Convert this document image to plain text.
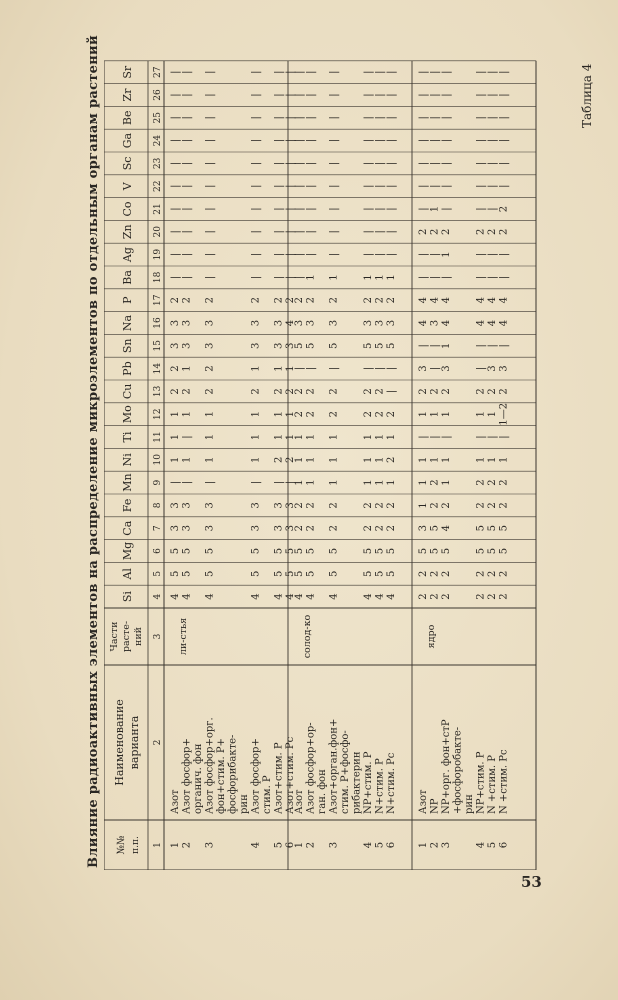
Влияние радиоактивных элементов на распределение микроэлементов по отдельным органам растений	Таблица 4
№№ п.п.
Наименование варианта
Части расте- ний
Si
Al
Mg
Ca
Fe
Mn
Ni
Ti
Mo
Cu
Pb
Sn
Na
P
Ba
Ag
Zn
Co
V
Sc
Ga
Be
Zr
Sr
1
2
3
4
5
6
7
8
9
10
11
12
13
14
15
16
17
18
19
20
21
22
23
24
25
26
27
ли-стья
1
Азот
2
Азот фосфор+ органич. фон
3
Азот фосфор+орг. фон+стим. P+ фосфорибакте- рин
4
Азот фосфор+ стим. P
5
Азот+стим. P
6
Азот+стим. Pc
4
5
5
3
3
|
1
1
1
2
2
3
3
2
|
|
|
|
|
|
|
|
|
|
4
5
5
3
3
|
1
|
1
2
1
3
3
2
|
|
|
|
|
|
|
|
|
|
4
5
5
3
3
|
1
1
1
2
2
3
3
2
|
|
|
|
|
|
|
|
|
|
4
5
5
3
3
|
1
1
1
2
1
3
3
2
|
|
|
|
|
|
|
|
|
|
4
5
5
3
3
|
2
1
1
2
1
3
3
2
|
|
|
|
|
|
|
|
|
|
4
5
5
3
3
|
2
1
1
2
1
3
4
2
|
|
|
|
|
|
|
|
|
|
солод-ко
1
Азот
2
Азот фосфор+ор- ган. фон
3
Азот+орган.фон+ стим. P+фосфо- рибактерин
4
NP+стим. P
5
N+стим. P
6
N+стим. Pc
4
5
5
2
2
1
1
1
2
2
|
5
3
2
|
|
|
|
|
|
|
|
|
|
4
5
5
2
2
1
1
1
2
2
|
5
3
2
1
|
|
|
|
|
|
|
|
|
4
5
5
2
2
1
1
1
2
2
|
5
3
2
1
|
|
|
|
|
|
|
|
|
4
5
5
2
2
1
1
1
2
2
|
5
3
2
1
|
|
|
|
|
|
|
|
|
4
5
5
2
2
1
1
1
2
2
|
5
3
2
1
|
|
|
|
|
|
|
|
|
4
5
5
2
2
1
2
1
2
|
|
5
3
2
1
|
|
|
|
|
|
|
|
|
ядро
1
Азот
2
NP
3
NP+орг. фон+стP +фосфоробакте- рин
4
NP+стим. P
5
N +стим. P
6
N +стим. Pc
2
2
5
3
1
1
1
|
1
2
3
|
4
4
|
|
2
|
|
|
|
|
|
|
2
2
5
5
2
2
1
|
1
2
|
|
3
4
|
|
2
1
|
|
|
|
|
|
2
2
5
4
2
1
1
|
1
2
3
1
4
4
|
1
2
|
|
|
|
|
|
|
2
2
5
5
2
2
1
|
1
2
|
|
4
4
|
|
2
|
|
|
|
|
|
|
2
2
5
5
2
2
1
|
1
2
3
|
4
4
|
|
2
|
|
|
|
|
|
|
2
2
5
5
2
2
1
|
1—2
2
3
|
4
4
|
|
2
2
|
|
|
|
|
|
53
